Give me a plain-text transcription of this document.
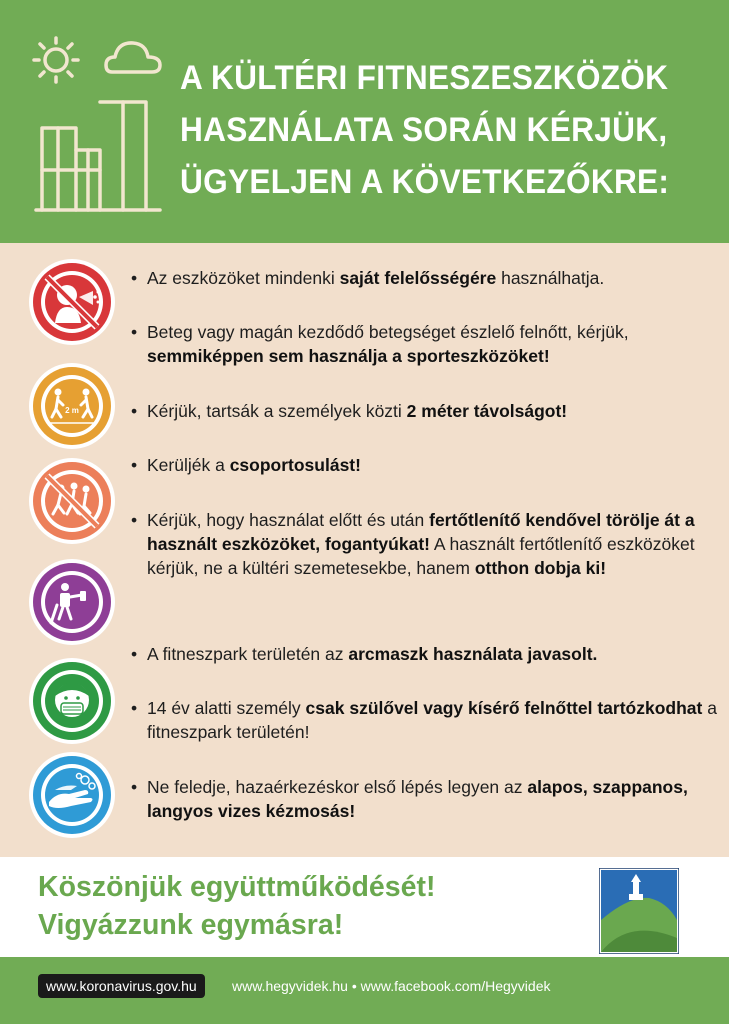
A KÜLTÉRI FITNESZESZKÖZÖK
HASZNÁLATA SORÁN KÉRJÜK,
ÜGYELJEN A KÖVETKEZŐKRE:
2 m
• Az eszközöket mindenki saját felelősségére használhatja.
• Beteg vagy magán kezdődő betegséget észlelő felnőtt, kérjük, semmiképpen sem használja a sporteszközöket!
• Kérjük, tartsák a személyek közti 2 méter távolságot!
• Kerüljék a csoportosulást!
• Kérjük, hogy használat előtt és után fertőtlenítő kendővel törölje át a használt eszközöket, fogantyúkat! A használt fertőtlenítő eszközöket kérjük, ne a kültéri szemetesekbe, hanem otthon dobja ki!
• A fitneszpark területén az arcmaszk használata javasolt.
• 14 év alatti személy csak szülővel vagy kísérő felnőttel tartózkodhat a fitneszpark területén!
• Ne feledje, hazaérkezéskor első lépés legyen az alapos, szappanos, langyos vizes kézmosás!
Köszönjük együttműködését!
Vigyázzunk egymásra!
www.koronavirus.gov.hu	www.hegyvidek.hu • www.facebook.com/Hegyvidek
